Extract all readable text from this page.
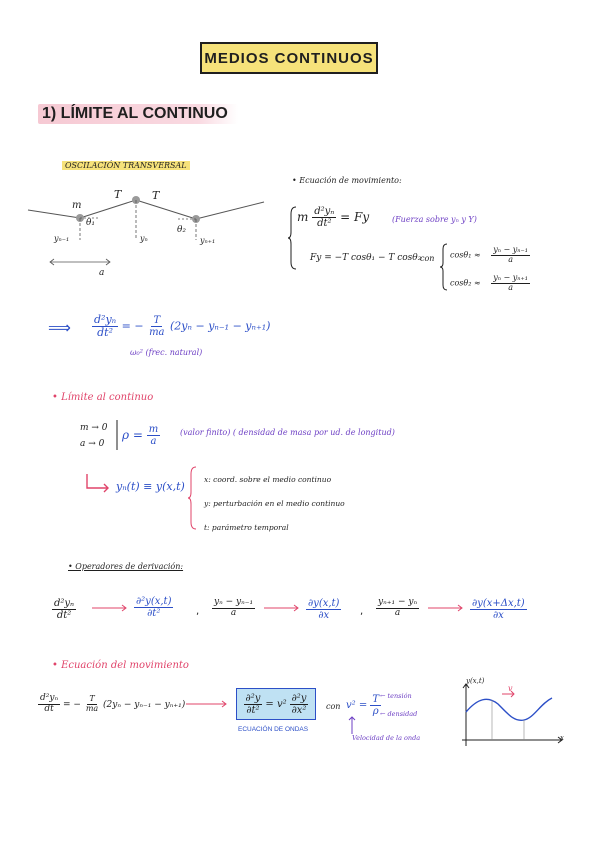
MEDIOS CONTINUOS
1) LÍMITE AL CONTINUO
OSCILACIÓN TRANSVERSAL
m
T	T
θ₁
θ₂
yₙ₋₁	yₙ	yₙ₊₁
a
• Ecuación de movimiento:
m $\frac{\text{d²yₙ}}{\text{dt²}} = Fy$	(Fuerza sobre yₙ y Y)
Fy = −T cosθ₁ − T cosθ₂
con $\cos\theta_1 \approx \frac{\text{yₙ − yₙ₋₁}}{a}$
$\cos\theta_2 \approx \frac{\text{yₙ − yₙ₊₁}}{a}$
⟹ $\frac{\text{d²yₙ}}{\text{dt²}}$ = − $\frac{T}{ma} (2y_n - y_{n-1} - y_{n+1})$
ω₀² (frec. natural)
• Límite al continuo
m → 0
a → 0
$\rho = \frac{m}{a}$ (valor finito) ( densidad de masa por ud. de longitud)
yₙ(t) ≡ y(x,t)
x: coord. sobre el medio continuo
y: perturbación en el medio continuo
t: parámetro temporal
• Operadores de derivación:
$\frac{\text{d²yₙ}}{\text{dt²}}$	$\frac{\text{∂²y(x,t)}}{\text{∂t²}}$ , $\frac{\text{yₙ − yₙ₋₁}}{a}$	$\frac{\partial y(x,t)}{\partial x}$ , $\frac{\text{yₙ₊₁ − yₙ}}{a}$	$\frac{\partial y(x+\Delta x,t)}{\partial x}$
• Ecuación del movimiento
$\frac{\text{d²yₙ}}{dt}$ = − $\frac{T}{ma} (2y_n - y_{n-1} - y_{n+1})$	$\frac{\text{∂²y}}{\text{∂t²}} = v^2 \frac{\text{∂²y}}{\text{∂x²}}$
ECUACIÓN DE ONDAS
con $v^2 = \frac{T}{\rho}$
← tensión
← densidad
Velocidad de la onda
y(x,t)
x
v
